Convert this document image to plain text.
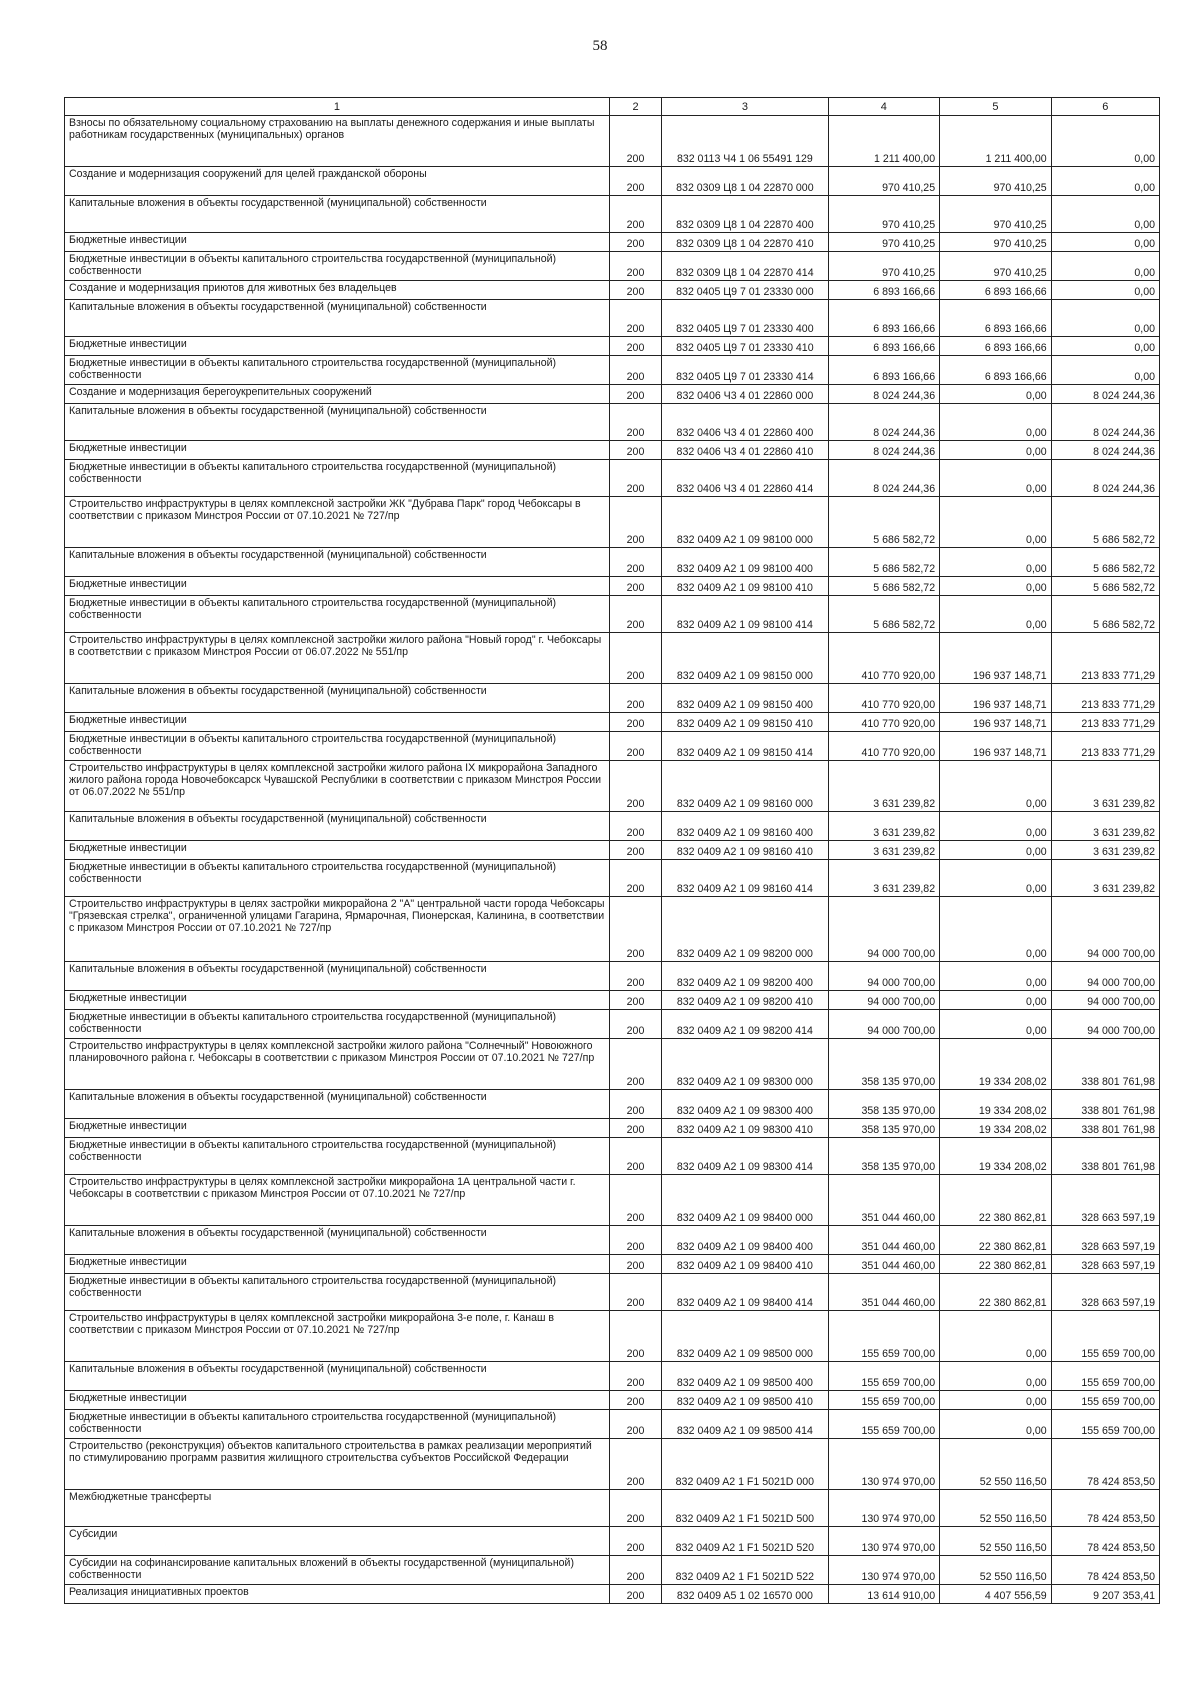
58
1	2	3	4	5	6
Взносы по обязательному социальному страхованию на выплаты денежного содержания и иные выплаты работникам государственных (муниципальных) органов	200	832 0113 Ч4 1 06 55491 129	1 211 400,00	1 211 400,00	0,00
Создание и модернизация сооружений для целей гражданской обороны	200	832 0309 Ц8 1 04 22870 000	970 410,25	970 410,25	0,00
Капитальные вложения в объекты государственной (муниципальной) собственности	200	832 0309 Ц8 1 04 22870 400	970 410,25	970 410,25	0,00
Бюджетные инвестиции	200	832 0309 Ц8 1 04 22870 410	970 410,25	970 410,25	0,00
Бюджетные инвестиции в объекты капитального строительства государственной (муниципальной) собственности	200	832 0309 Ц8 1 04 22870 414	970 410,25	970 410,25	0,00
Создание и модернизация приютов для животных без владельцев	200	832 0405 Ц9 7 01 23330 000	6 893 166,66	6 893 166,66	0,00
Капитальные вложения в объекты государственной (муниципальной) собственности	200	832 0405 Ц9 7 01 23330 400	6 893 166,66	6 893 166,66	0,00
Бюджетные инвестиции	200	832 0405 Ц9 7 01 23330 410	6 893 166,66	6 893 166,66	0,00
Бюджетные инвестиции в объекты капитального строительства государственной (муниципальной) собственности	200	832 0405 Ц9 7 01 23330 414	6 893 166,66	6 893 166,66	0,00
Создание и модернизация берегоукрепительных сооружений	200	832 0406 Ч3 4 01 22860 000	8 024 244,36	0,00	8 024 244,36
Капитальные вложения в объекты государственной (муниципальной) собственности	200	832 0406 Ч3 4 01 22860 400	8 024 244,36	0,00	8 024 244,36
Бюджетные инвестиции	200	832 0406 Ч3 4 01 22860 410	8 024 244,36	0,00	8 024 244,36
Бюджетные инвестиции в объекты капитального строительства государственной (муниципальной) собственности	200	832 0406 Ч3 4 01 22860 414	8 024 244,36	0,00	8 024 244,36
Строительство инфраструктуры в целях комплексной застройки ЖК "Дубрава Парк" город Чебоксары в соответствии с приказом Минстроя России от 07.10.2021 № 727/пр	200	832 0409 A2 1 09 98100 000	5 686 582,72	0,00	5 686 582,72
Капитальные вложения в объекты государственной (муниципальной) собственности	200	832 0409 A2 1 09 98100 400	5 686 582,72	0,00	5 686 582,72
Бюджетные инвестиции	200	832 0409 A2 1 09 98100 410	5 686 582,72	0,00	5 686 582,72
Бюджетные инвестиции в объекты капитального строительства государственной (муниципальной) собственности	200	832 0409 A2 1 09 98100 414	5 686 582,72	0,00	5 686 582,72
Строительство инфраструктуры в целях комплексной застройки жилого района "Новый город" г. Чебоксары в соответствии с приказом Минстроя России от 06.07.2022 № 551/пр	200	832 0409 A2 1 09 98150 000	410 770 920,00	196 937 148,71	213 833 771,29
Капитальные вложения в объекты государственной (муниципальной) собственности	200	832 0409 A2 1 09 98150 400	410 770 920,00	196 937 148,71	213 833 771,29
Бюджетные инвестиции	200	832 0409 A2 1 09 98150 410	410 770 920,00	196 937 148,71	213 833 771,29
Бюджетные инвестиции в объекты капитального строительства государственной (муниципальной) собственности	200	832 0409 A2 1 09 98150 414	410 770 920,00	196 937 148,71	213 833 771,29
Строительство инфраструктуры в целях комплексной застройки жилого района IX микрорайона Западного жилого района города Новочебоксарск Чувашской Республики в соответствии с приказом Минстроя России от 06.07.2022 № 551/пр	200	832 0409 A2 1 09 98160 000	3 631 239,82	0,00	3 631 239,82
Капитальные вложения в объекты государственной (муниципальной) собственности	200	832 0409 A2 1 09 98160 400	3 631 239,82	0,00	3 631 239,82
Бюджетные инвестиции	200	832 0409 A2 1 09 98160 410	3 631 239,82	0,00	3 631 239,82
Бюджетные инвестиции в объекты капитального строительства государственной (муниципальной) собственности	200	832 0409 A2 1 09 98160 414	3 631 239,82	0,00	3 631 239,82
Строительство инфраструктуры в целях застройки микрорайона 2 "А" центральной части города Чебоксары "Грязевская стрелка", ограниченной улицами Гагарина, Ярмарочная, Пионерская, Калинина, в соответствии с приказом Минстроя России от 07.10.2021 № 727/пр	200	832 0409 A2 1 09 98200 000	94 000 700,00	0,00	94 000 700,00
Капитальные вложения в объекты государственной (муниципальной) собственности	200	832 0409 A2 1 09 98200 400	94 000 700,00	0,00	94 000 700,00
Бюджетные инвестиции	200	832 0409 A2 1 09 98200 410	94 000 700,00	0,00	94 000 700,00
Бюджетные инвестиции в объекты капитального строительства государственной (муниципальной) собственности	200	832 0409 A2 1 09 98200 414	94 000 700,00	0,00	94 000 700,00
Строительство инфраструктуры в целях комплексной застройки жилого района "Солнечный" Новоюжного планировочного района г. Чебоксары в соответствии с приказом Минстроя России от 07.10.2021 № 727/пр	200	832 0409 A2 1 09 98300 000	358 135 970,00	19 334 208,02	338 801 761,98
Капитальные вложения в объекты государственной (муниципальной) собственности	200	832 0409 A2 1 09 98300 400	358 135 970,00	19 334 208,02	338 801 761,98
Бюджетные инвестиции	200	832 0409 A2 1 09 98300 410	358 135 970,00	19 334 208,02	338 801 761,98
Бюджетные инвестиции в объекты капитального строительства государственной (муниципальной) собственности	200	832 0409 A2 1 09 98300 414	358 135 970,00	19 334 208,02	338 801 761,98
Строительство инфраструктуры в целях комплексной застройки микрорайона 1А центральной части г. Чебоксары в соответствии с приказом Минстроя России от 07.10.2021 № 727/пр	200	832 0409 A2 1 09 98400 000	351 044 460,00	22 380 862,81	328 663 597,19
Капитальные вложения в объекты государственной (муниципальной) собственности	200	832 0409 A2 1 09 98400 400	351 044 460,00	22 380 862,81	328 663 597,19
Бюджетные инвестиции	200	832 0409 A2 1 09 98400 410	351 044 460,00	22 380 862,81	328 663 597,19
Бюджетные инвестиции в объекты капитального строительства государственной (муниципальной) собственности	200	832 0409 A2 1 09 98400 414	351 044 460,00	22 380 862,81	328 663 597,19
Строительство инфраструктуры в целях комплексной застройки микрорайона 3-е поле, г. Канаш в соответствии с приказом Минстроя России от 07.10.2021 № 727/пр	200	832 0409 A2 1 09 98500 000	155 659 700,00	0,00	155 659 700,00
Капитальные вложения в объекты государственной (муниципальной) собственности	200	832 0409 A2 1 09 98500 400	155 659 700,00	0,00	155 659 700,00
Бюджетные инвестиции	200	832 0409 A2 1 09 98500 410	155 659 700,00	0,00	155 659 700,00
Бюджетные инвестиции в объекты капитального строительства государственной (муниципальной) собственности	200	832 0409 A2 1 09 98500 414	155 659 700,00	0,00	155 659 700,00
Строительство (реконструкция) объектов капитального строительства в рамках реализации мероприятий по стимулированию программ развития жилищного строительства субъектов Российской Федерации	200	832 0409 A2 1 F1 5021D 000	130 974 970,00	52 550 116,50	78 424 853,50
Межбюджетные трансферты	200	832 0409 A2 1 F1 5021D 500	130 974 970,00	52 550 116,50	78 424 853,50
Субсидии	200	832 0409 A2 1 F1 5021D 520	130 974 970,00	52 550 116,50	78 424 853,50
Субсидии на софинансирование капитальных вложений в объекты государственной (муниципальной) собственности	200	832 0409 A2 1 F1 5021D 522	130 974 970,00	52 550 116,50	78 424 853,50
Реализация инициативных проектов	200	832 0409 A5 1 02 16570 000	13 614 910,00	4 407 556,59	9 207 353,41
